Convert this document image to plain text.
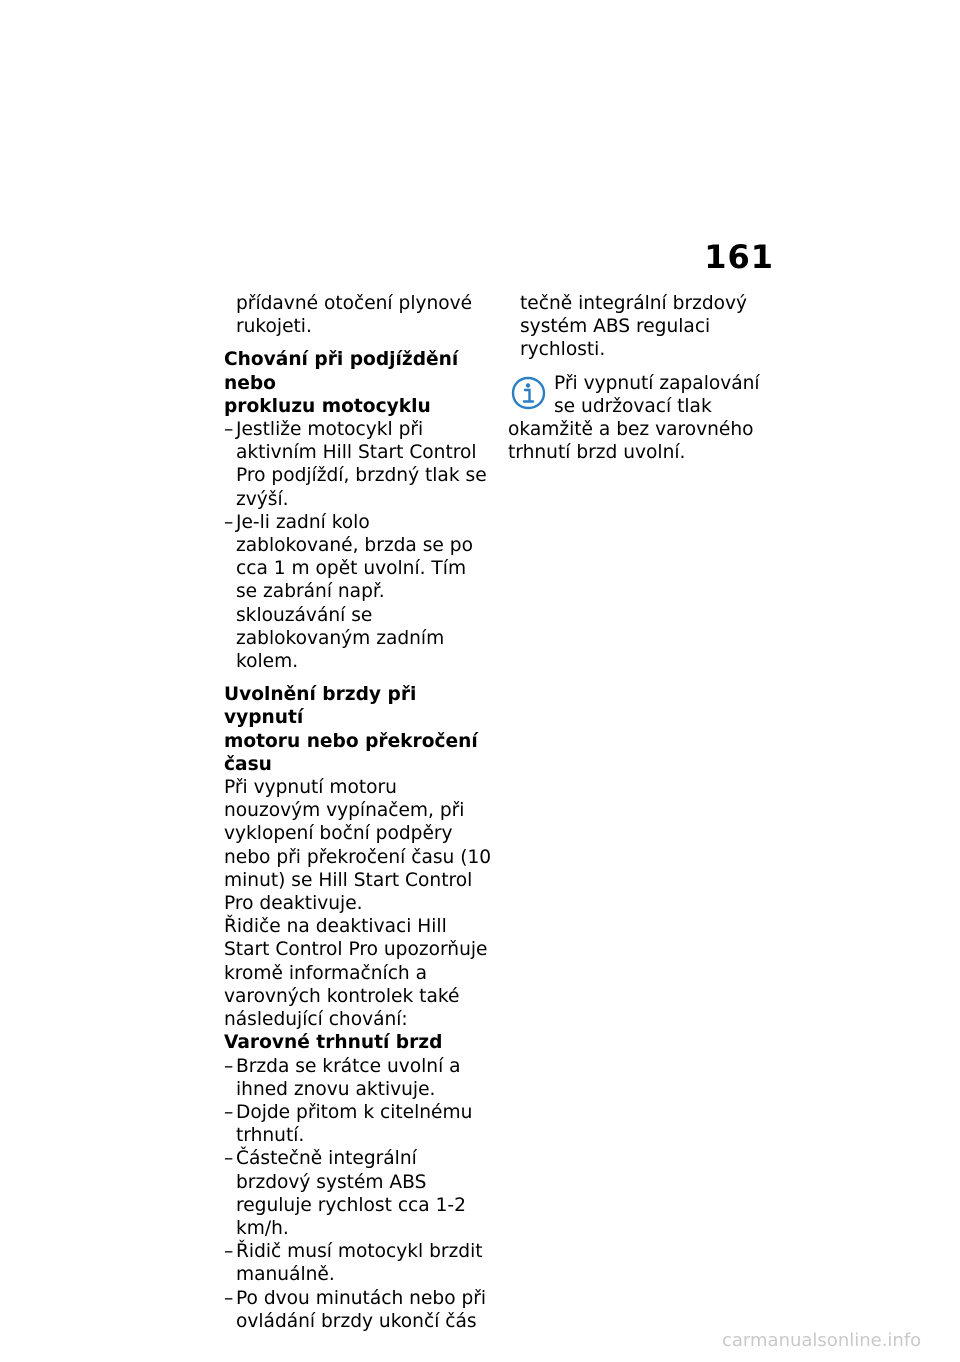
161

přídavné otočení plynové rukojeti.

Chování při podjíždění nebo
prokluzu motocyklu

– Jestliže motocykl při aktivním Hill Start Control Pro podjíždí, brzdný tlak se zvýší.
– Je-li zadní kolo zablokované, brzda se po cca 1 m opět uvolní. Tím se zabrání např. sklouzávání se zablokovaným zadním kolem.

Uvolnění brzdy při vypnutí
motoru nebo překročení času

Při vypnutí motoru nouzovým vypínačem, při vyklopení boční podpěry nebo při překročení času (10 minut) se Hill Start Control Pro deaktivuje.

Řidiče na deaktivaci Hill Start Control Pro upozorňuje kromě informačních a varovných kontrolek také následující chování:

Varovné trhnutí brzd

– Brzda se krátce uvolní a ihned znovu aktivuje.
– Dojde přitom k citelnému trhnutí.
– Částečně integrální brzdový systém ABS reguluje rychlost cca 1-2 km/h.
– Řidič musí motocykl brzdit manuálně.
– Po dvou minutách nebo při ovládání brzdy ukončí čás

tečně integrální brzdový systém ABS regulaci rychlosti.

Při vypnutí zapalování se udržovací tlak okamžitě a bez varovného trhnutí brzd uvolní.

carmanualsonline.info
